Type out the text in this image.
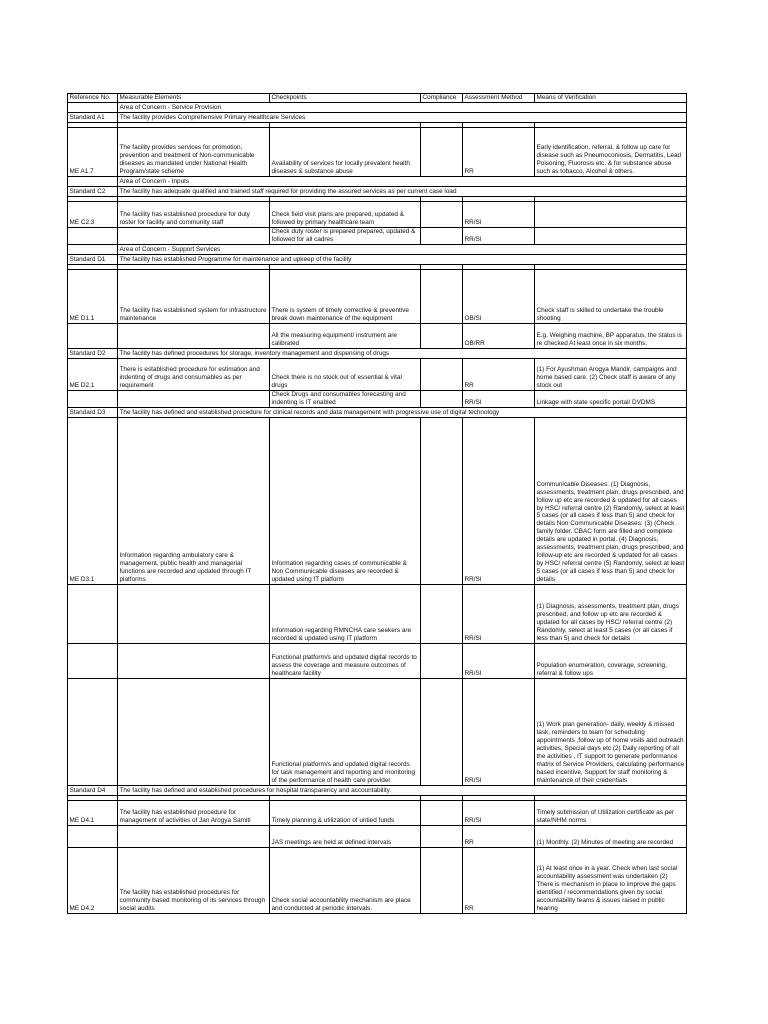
Reference No.	Measurable Elements	Checkpoints	Compliance	Assessment Method	Means of Verification
	Area of Concern - Service Provision				
Standard A1	The facility provides Comprehensive Primary Healthcare Services				

ME A1.7	The facility provides services for promotion, prevention and treatment of Non-communicable diseases as mandated under National Health Program/state scheme	Availability of services for locally prevalent health diseases & substance abuse		RR	Early identification, referral, & follow up care for disease such as Pneumoconiosis, Dermatitis, Lead Poisoning, Fluorosis etc. & for substance abuse such as tobacco, Alcohol & others.
	Area of Concern - Inputs				
Standard C2	The facility has adequate qualified and trained staff required for providing the assured services as per current case load				

ME C2.3	The facility has established procedure for duty roster for facility and community staff	Check field visit plans are prepared, updated & followed by primary healthcare team		RR/SI	
		Check duty roster is prepared prepared, updated & followed for all cadres		RR/SI	
	Area of Concern - Support Services				
Standard D1	The facility has established Programme for maintenance and upkeep of the facility				

ME D1.1	The facility has established system for infrastructure maintenance	There is system of timely corrective & preventive break down maintenance of the equipment		OB/SI	Check staff is skilled to undertake the trouble shooting
		All the measuring equipment/ instrument are calibrated		OB/RR	E.g. Weighing machine, BP apparatus, the status is re checked At least once in six months.
Standard D2	The facility has defined procedures for storage, inventory management and dispensing of drugs				
ME D2.1	There is established procedure for estimation and indenting of drugs and consumables as per requirement	Check there is no stock out of essential & vital drugs		RR	(1) For Ayushman Arogya Mandir, campaigns and home based care. (2) Check staff is aware of any stock out
		Check Drugs and consumables forecasting and indenting is IT enabled		RR/SI	Linkage with state specific portal/ DVDMS
Standard D3	The facility has defined and established procedure for clinical records and data management with progressive use of digital technology				
ME D3.1	Information regarding ambulatory care & management, public health and managerial functions are recorded and updated through IT platforms	Information regarding cases of communicable & Non Communicable diseases are recorded & updated using IT platform		RR/SI	Communicable Diseases: (1) Diagnosis, assessments, treatment plan, drugs prescribed, and follow up etc are recorded & updated for all cases by HSC/ referral centre (2) Randomly, select at least 5 cases (or all cases if less than 5) and check for details Non Communicable Diseases: (3) (Check family folder, CBAC form are filled and complete details are updated in portal. (4) Diagnosis, assessments, treatment plan, drugs prescribed, and follow-up etc are recorded & updated for all cases by HSC/ referral centre (5) Randomly, select at least 5 cases (or all cases if less than 5) and check for details
		Information regarding RMNCHA care seekers are recorded & updated using IT platform		RR/SI	(1) Diagnosis, assessments, treatment plan, drugs prescribed, and follow up etc are recorded & updated for all cases by HSC/ referral centre (2) Randomly, select at least 5 cases (or all cases if less than 5) and check for details
		Functional platform/s and updated digital records to assess the coverage and measure outcomes of healthcare facility		RR/SI	Population enumeration, coverage, screening, referral & follow ups
		Functional platform/s and updated digital records for task management and reporting and monitoring of the performance of health care provider		RR/SI	(1) Work plan generation- daily, weekly & missed task, reminders to team for scheduling appointments ,follow up of home visits and outreach activities, Special days etc (2) Daily reporting of all the activities , IT support to generate performance matrix of Service Providers, calculating performance based incentive, Support for staff monitoring & maintenance of their credentials
Standard D4	The facility has defined and established procedures for hospital transparency and accountability.				

ME D4.1	The facility has established procedure for management of activities of Jan Arogya Samiti	Timely planning & utilization of untied funds		RR/SI	Timely submission of Utilization certificate as per state/NHM norms
		JAS meetings are held at defined intervals		RR	(1) Monthly. (2) Minutes of meeting are recorded
ME D4.2	The facility has established procedures for community based monitoring of its services through social audits	Check social accountability mechanism are place and conducted at periodic intervals.		RR	(1) At least once in a year. Check when last social accountability assessment was undertaken (2) There is mechanism in place to improve the gaps identified / recommendations given by social accountability teams & issues raised in public hearing
